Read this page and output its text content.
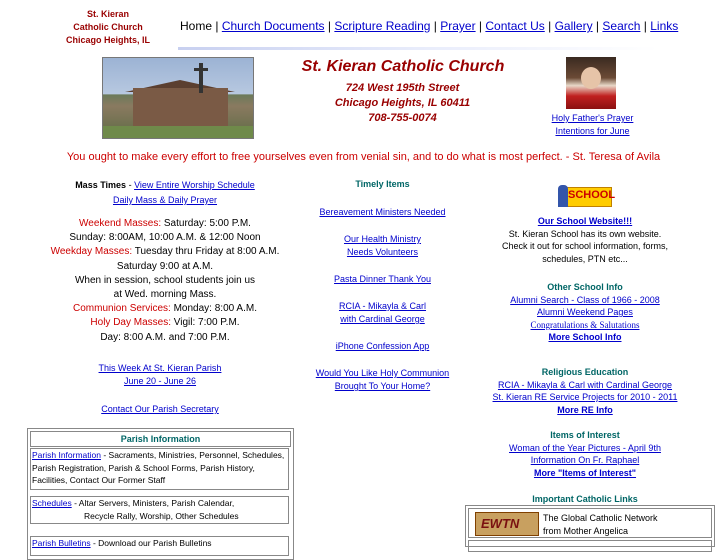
St. Kieran
Catholic Church
Chicago Heights, IL
Home | Church Documents | Scripture Reading | Prayer | Contact Us | Gallery | Search | Links
St. Kieran Catholic Church
724 West 195th Street
Chicago Heights, IL 60411
708-755-0074	Holy Father's Prayer
Intentions for June
You ought to make every effort to free yourselves even from venial sin, and to do what is most perfect. - St. Teresa of Avila
Mass Times - View Entire Worship Schedule
Daily Mass & Daily Prayer
Weekend Masses: Saturday: 5:00 P.M.
Sunday: 8:00AM, 10:00 A.M. & 12:00 Noon
Weekday Masses: Tuesday thru Friday at 8:00 A.M.
Saturday 9:00 at A.M.
When in session, school students join us
at Wed. morning Mass.
Communion Services: Monday: 8:00 A.M.
Holy Day Masses: Vigil: 7:00 P.M.
Day: 8:00 A.M. and 7:00 P.M.
This Week At St. Kieran Parish
June 20 - June 26
Contact Our Parish Secretary
Parish Information
Parish Information - Sacraments, Ministries, Personnel, Schedules, Parish Registration, Parish & School Forms, Parish History, Facilities, Contact Our Former Staff
Schedules - Altar Servers, Ministers, Parish Calendar,
Recycle Rally, Worship, Other Schedules
Parish Bulletins - Download our Parish Bulletins
Timely Items
Bereavement Ministers Needed
Our Health Ministry
Needs Volunteers
Pasta Dinner Thank You
RCIA - Mikayla & Carl
with Cardinal George
iPhone Confession App
Would You Like Holy Communion
Brought To Your Home?
SCHOOL
Our School Website!!!
St. Kieran School has its own website.
Check it out for school information, forms,
schedules, PTN etc...
Other School Info
Alumni Search - Class of 1966 - 2008
Alumni Weekend Pages
Congratulations & Salutations
More School Info
Religious Education
RCIA - Mikayla & Carl with Cardinal George
St. Kieran RE Service Projects for 2010 - 2011
More RE Info
Items of Interest
Woman of the Year Pictures - April 9th
Information On Fr. Raphael
More "Items of Interest"
Important Catholic Links
EWTN	The Global Catholic Network
from Mother Angelica
